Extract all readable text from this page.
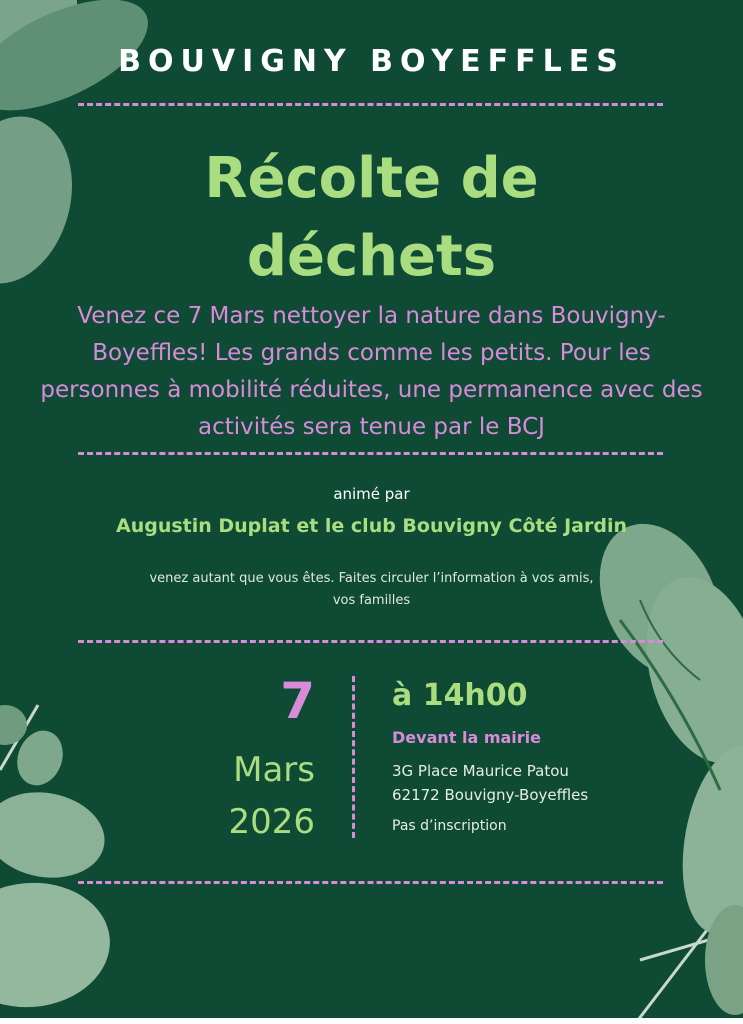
BOUVIGNY BOYEFFLES
Récolte de
déchets
Venez ce 7 Mars nettoyer la nature dans Bouvigny-
Boyeffles! Les grands comme les petits. Pour les
personnes à mobilité réduites, une permanence avec des
activités sera tenue par le BCJ
animé par
Augustin Duplat et le club Bouvigny Côté Jardin
venez autant que vous êtes. Faites circuler l’information à vos amis,
vos familles
7
Mars
2026
à 14h00
Devant la mairie
3G Place Maurice Patou
62172 Bouvigny-Boyeffles
Pas d’inscription
